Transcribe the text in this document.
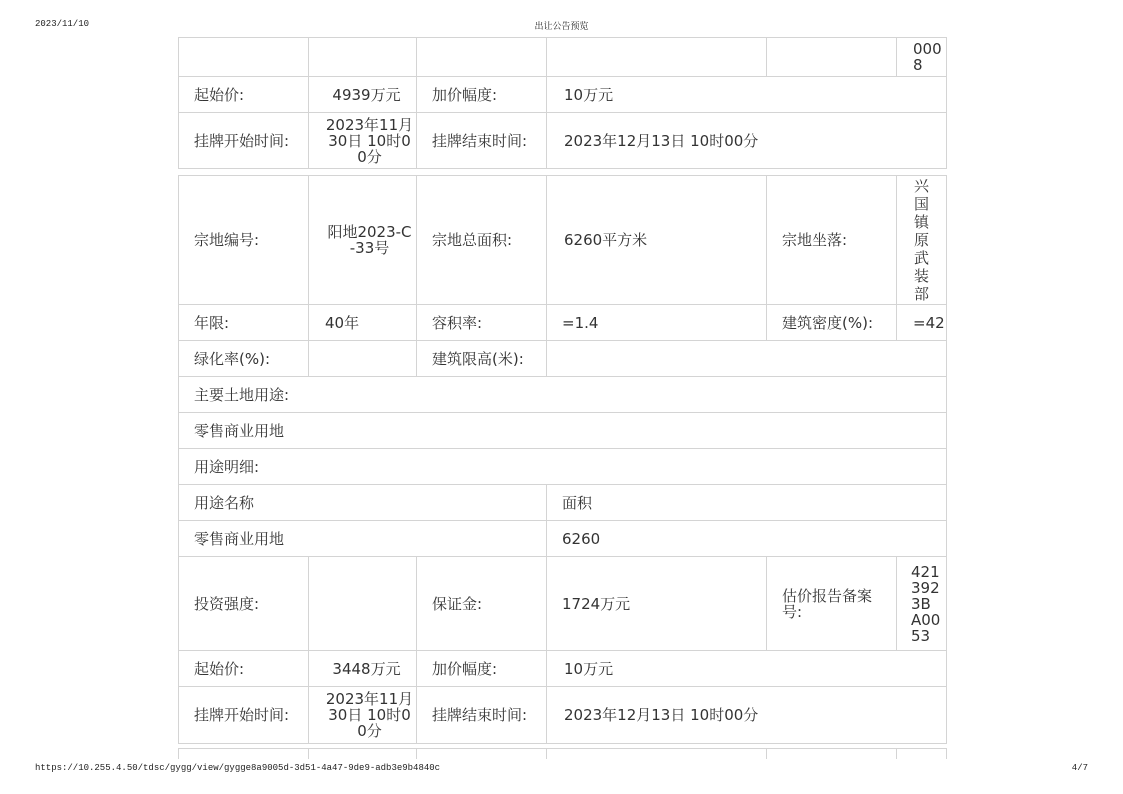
2023/11/10	出让公告预览
					0008
起始价:	4939万元	加价幅度:	10万元		
挂牌开始时间:	2023年11月30日 10时00分	挂牌结束时间:	2023年12月13日 10时00分		
宗地编号:	阳地2023-C-33号	宗地总面积:	6260平方米	宗地坐落:	兴国镇原武装部

年限:	40年	容积率:	=1.4	建筑密度(%):	=42
绿化率(%):		建筑限高(米):			
主要土地用途:					
零售商业用地					
用途明细:					
用途名称			面积		
零售商业用地			6260		
投资强度:		保证金:	1724万元	估价报告备案号:	4213923BA0053

起始价:	3448万元	加价幅度:	10万元		
挂牌开始时间:	2023年11月30日 10时00分	挂牌结束时间:	2023年12月13日 10时00分		

https://10.255.4.50/tdsc/gygg/view/gygge8a9005d-3d51-4a47-9de9-adb3e9b4840c	4/7
